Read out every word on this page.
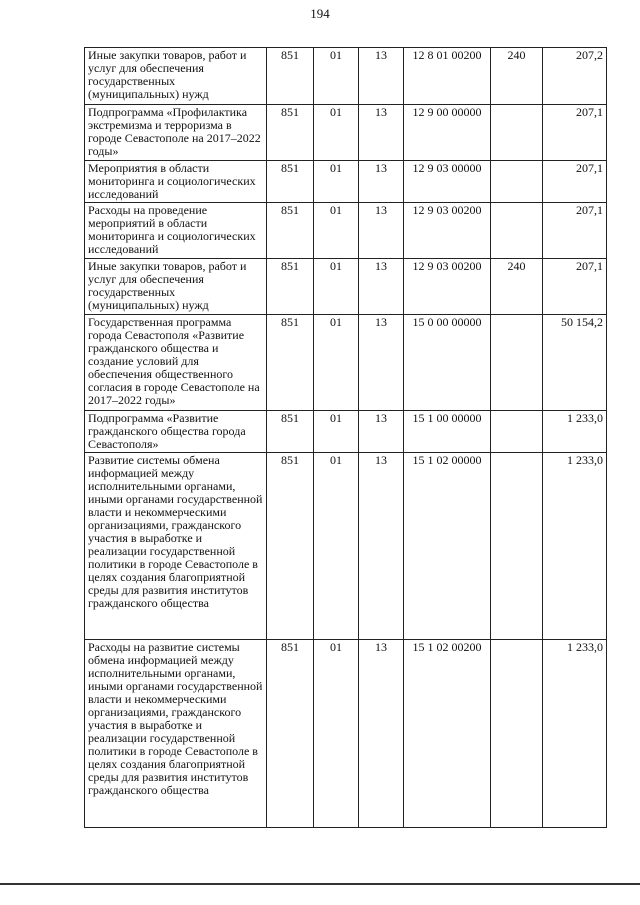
194
Иные закупки товаров, работ и услуг для обеспечения государственных (муниципальных) нужд	851	01	13	12 8 01 00200	240	207,2
Подпрограмма «Профилактика экстремизма и терроризма в городе Севастополе на 2017–2022 годы»	851	01	13	12 9 00 00000		207,1
Мероприятия в области мониторинга и социологических исследований	851	01	13	12 9 03 00000		207,1
Расходы на проведение мероприятий в области мониторинга и социологических исследований	851	01	13	12 9 03 00200		207,1
Иные закупки товаров, работ и услуг для обеспечения государственных (муниципальных) нужд	851	01	13	12 9 03 00200	240	207,1
Государственная программа города Севастополя «Развитие гражданского общества и создание условий для обеспечения общественного согласия в городе Севастополе на 2017–2022 годы»	851	01	13	15 0 00 00000		50 154,2
Подпрограмма «Развитие гражданского общества города Севастополя»	851	01	13	15 1 00 00000		1 233,0
Развитие системы обмена информацией между исполнительными органами, иными органами государственной власти и некоммерческими организациями, гражданского участия в выработке и реализации государственной политики в городе Севастополе в целях создания благоприятной среды для развития институтов гражданского общества	851	01	13	15 1 02 00000		1 233,0
Расходы на развитие системы обмена информацией между исполнительными органами, иными органами государственной власти и некоммерческими организациями, гражданского участия в выработке и реализации государственной политики в городе Севастополе в целях создания благоприятной среды для развития институтов гражданского общества	851	01	13	15 1 02 00200		1 233,0
